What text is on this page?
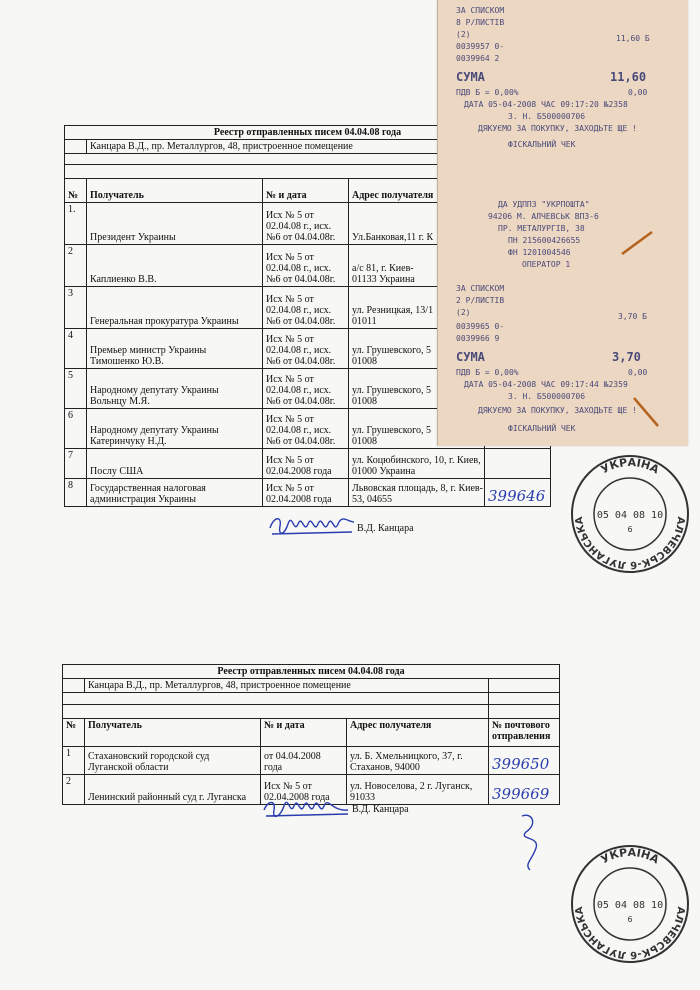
Реестр отправленных писем 04.04.08 года				
	Канцара В.Д., пр. Металлургов, 48, пристроенное помещение			

№	Получатель	№ и дата	Адрес получателя	
1.	Президент Украины	Исх № 5 от
02.04.08 г., исх.
№6 от 04.04.08г.	Ул.Банковая,11 г. К	

2	Каплиенко В.В.	Исх № 5 от
02.04.08 г., исх.
№6 от 04.04.08г.	а/с 81, г. Киев-
01133 Украина	

3	Генеральная прокуратура Украины	Исх № 5 от
02.04.08 г., исх.
№6 от 04.04.08г.	ул. Резницкая, 13/1
01011	

4	Премьер министр Украины
Тимошенко Ю.В.	Исх № 5 от
02.04.08 г., исх.
№6 от 04.04.08г.	ул. Грушевского, 5
01008	

5	Народному депутату Украины
Вольнцу М.Я.	Исх № 5 от
02.04.08 г., исх.
№6 от 04.04.08г.	ул. Грушевского, 5
01008	

6	Народному депутату Украины
Катеринчуку Н.Д.	Исх № 5 от
02.04.08 г., исх.
№6 от 04.04.08г.	ул. Грушевского, 5
01008	

7	Послу США	Исх № 5 от
02.04.2008 года	ул. Коцюбинского, 10, г. Киев,
01000 Украина	

8	Государственная налоговая
администрация Украины	Исх № 5 от
02.04.2008 года	Львовская площадь, 8, г. Киев-
53, 04655	399646
В.Д. Канцара
Реестр отправленных писем 04.04.08 года				
	Канцара В.Д., пр. Металлургов, 48, пристроенное помещение			

№	Получатель	№ и дата	Адрес получателя	№ почтового отправления
1	Стахановский городской суд
Луганской области	от 04.04.2008
года	ул. Б. Хмельницкого, 37, г.
Стаханов, 94000	399650
2	Ленинский районный суд г. Луганска	Исх № 5 от
02.04.2008 года	ул. Новоселова, 2 г. Луганск,
91033	399669
В.Д. Канцара
УКРАЇНА
АЛЧЕВСЬК-6 ЛУГАНСЬКА	05 04 08 10
6
УКРАЇНА
АЛЧЕВСЬК-6 ЛУГАНСЬКА	05 04 08 10
6
ЗА СПИСКОМ
8 Р/ЛИСТІВ
(2)	11,60 Б
0039957 0-
0039964 2
СУМА	11,60
ПДВ Б = 0,00%	0,00
ДАТА 05-04-2008 ЧАС 09:17:20 №2358
З. Н. Б500000706
ДЯКУЄМО ЗА ПОКУПКУ, ЗАХОДЬТЕ ЩЕ !
ФІСКАЛЬНИЙ ЧЕК
ДА УДППЗ "УКРПОШТА"
94206 М. АЛЧЕВСЬК ВПЗ-6
ПР. МЕТАЛУРГІВ, 38
ПН 215600426655
ФН 1201004546
ОПЕРАТОР 1
ЗА СПИСКОМ
2 Р/ЛИСТІВ
(2)	3,70 Б
0039965 0-
0039966 9
СУМА	3,70
ПДВ Б = 0,00%	0,00
ДАТА 05-04-2008 ЧАС 09:17:44 №2359
З. Н. Б500000706
ДЯКУЄМО ЗА ПОКУПКУ, ЗАХОДЬТЕ ЩЕ !
ФІСКАЛЬНИЙ ЧЕК
